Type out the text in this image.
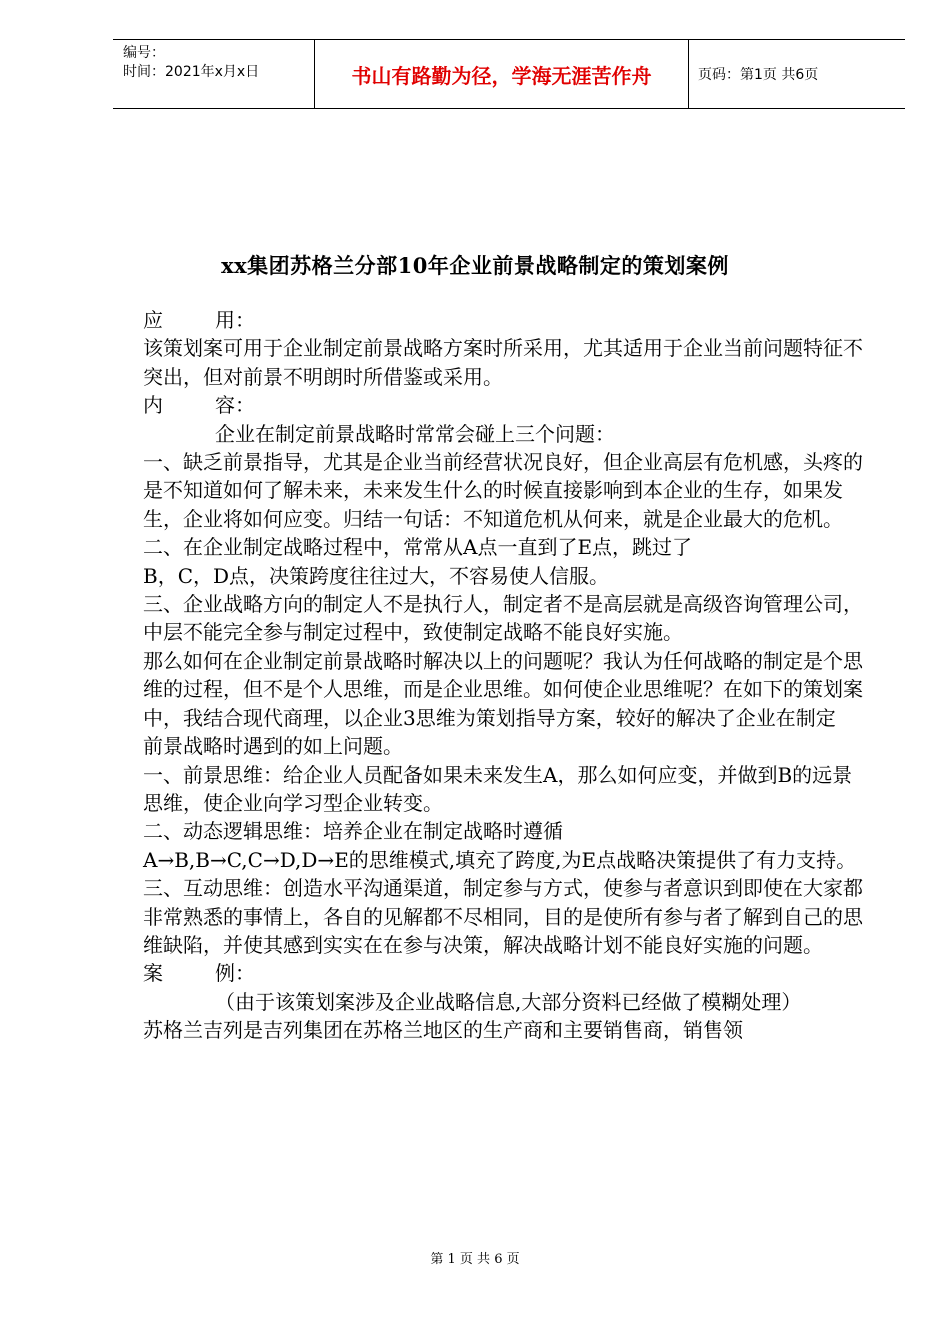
编号：
时间：2021年x月x日	书山有路勤为径，学海无涯苦作舟	页码：第1页 共6页
xx集团苏格兰分部10年企业前景战略制定的策划案例

应	用：

该策划案可用于企业制定前景战略方案时所采用，尤其适用于企业当前问题特征不突出，但对前景不明朗时所借鉴或采用。

内	容：

企业在制定前景战略时常常会碰上三个问题：

一、缺乏前景指导，尤其是企业当前经营状况良好，但企业高层有危机感，头疼的是不知道如何了解未来，未来发生什么的时候直接影响到本企业的生存，如果发生，企业将如何应变。归结一句话：不知道危机从何来，就是企业最大的危机。

二、在企业制定战略过程中，常常从A点一直到了E点，跳过了

B，C，D点，决策跨度往往过大，不容易使人信服。

三、企业战略方向的制定人不是执行人，制定者不是高层就是高级咨询管理公司，中层不能完全参与制定过程中，致使制定战略不能良好实施。

那么如何在企业制定前景战略时解决以上的问题呢？我认为任何战略的制定是个思维的过程，但不是个人思维，而是企业思维。如何使企业思维呢？在如下的策划案中，我结合现代商理，以企业3思维为策划指导方案，较好的解决了企业在制定

前景战略时遇到的如上问题。

一、前景思维：给企业人员配备如果未来发生A，那么如何应变，并做到B的远景思维，使企业向学习型企业转变。

二、动态逻辑思维：培养企业在制定战略时遵循

A→B,B→C,C→D,D→E的思维模式,填充了跨度,为E点战略决策提供了有力支持。

三、互动思维：创造水平沟通渠道，制定参与方式，使参与者意识到即使在大家都非常熟悉的事情上，各自的见解都不尽相同，目的是使所有参与者了解到自己的思维缺陷，并使其感到实实在在参与决策，解决战略计划不能良好实施的问题。

案	例：

（由于该策划案涉及企业战略信息,大部分资料已经做了模糊处理）

苏格兰吉列是吉列集团在苏格兰地区的生产商和主要销售商，销售领

第 1 页 共 6 页
